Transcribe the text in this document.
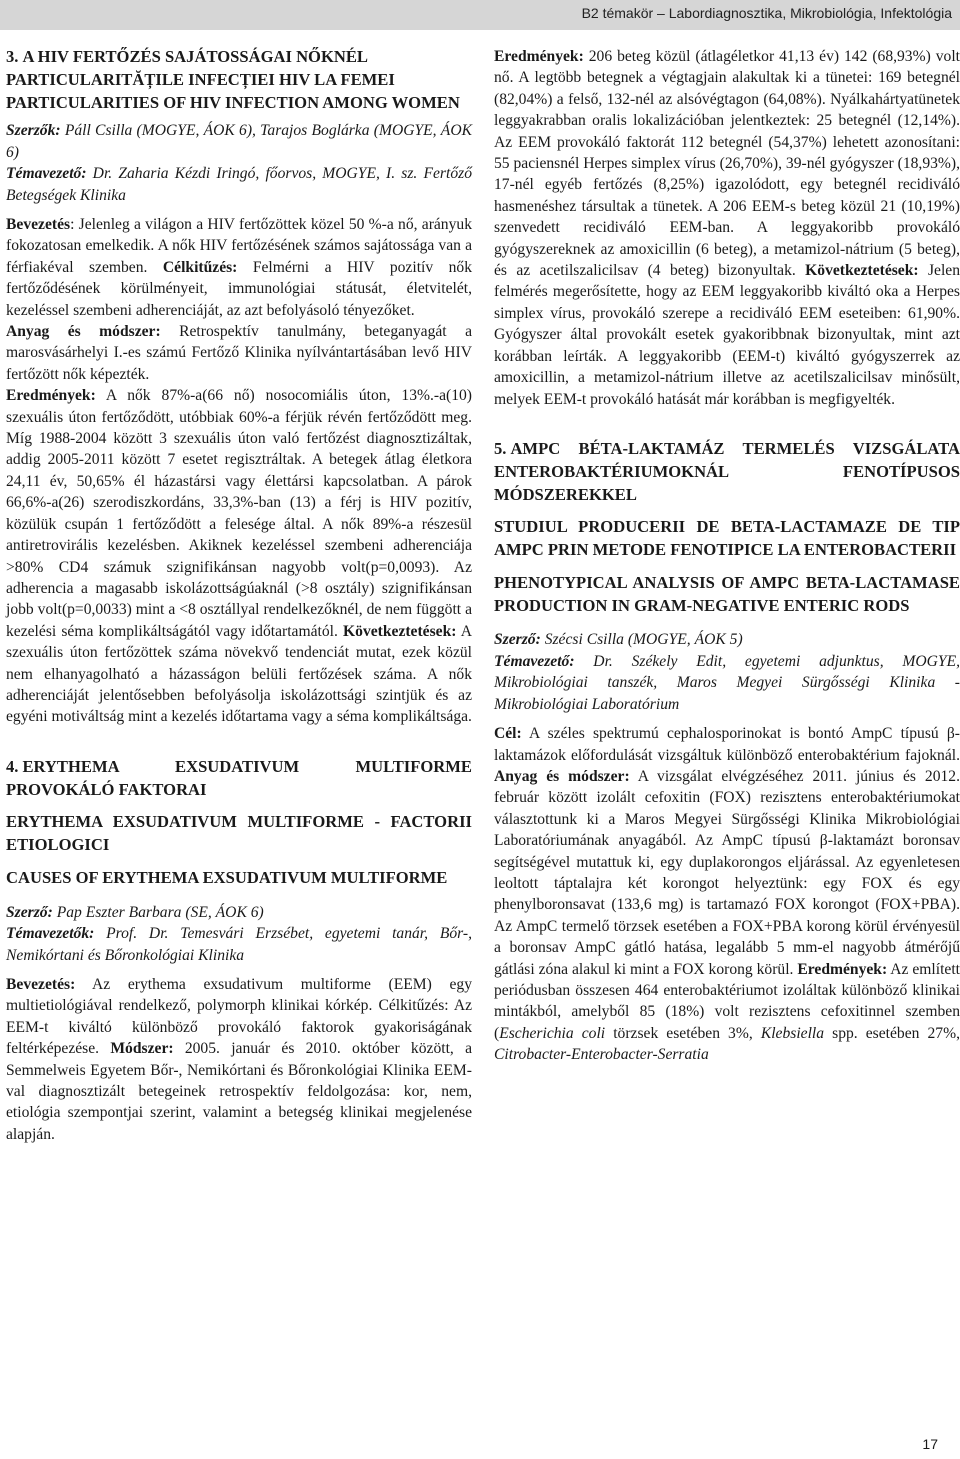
B2 témakör – Labordiagnosztika, Mikrobiológia, Infektológia

3. A HIV FERTŐZÉS SAJÁTOSSÁGAI NŐKNÉL

PARTICULARITĂȚILE INFECȚIEI HIV LA FEMEI

PARTICULARITIES OF HIV INFECTION AMONG WOMEN

Szerzők: Páll Csilla (MOGYE, ÁOK 6), Tarajos Boglárka (MOGYE, ÁOK 6)

Témavezető: Dr. Zaharia Kézdi Iringó, főorvos, MOGYE, I. sz. Fertőző Betegségek Klinika

Bevezetés: Jelenleg a világon a HIV fertőzöttek közel 50 %-a nő, arányuk fokozatosan emelkedik. A nők HIV fertőzésének számos sajátossága van a férfiakéval szemben. Célkitűzés: Felmérni a HIV pozitív nők fertőződésének körülményeit, immunológiai státusát, életvitelét, kezeléssel szembeni adherenciáját, az azt befolyásoló tényezőket.

Anyag és módszer: Retrospektív tanulmány, beteganyagát a marosvásárhelyi I.-es számú Fertőző Klinika nyílvántartásában levő HIV fertőzött nők képezték.

Eredmények: A nők 87%-a(66 nő) nosocomiális úton, 13%.-a(10) szexuális úton fertőződött, utóbbiak 60%-a férjük révén fertőződött meg. Míg 1988-2004 között 3 szexuális úton való fertőzést diagnosztizáltak, addig 2005-2011 között 7 esetet regisztráltak. A betegek átlag életkora 24,11 év, 50,65% él házastársi vagy élettársi kapcsolatban. A párok 66,6%-a(26) szerodiszkordáns, 33,3%-ban (13) a férj is HIV pozitív, közülük csupán 1 fertőződött a felesége által. A nők 89%-a részesül antiretrovirális kezelésben. Akiknek kezeléssel szembeni adherenciája >80% CD4 számuk szignifikánsan nagyobb volt(p=0,0093). Az adherencia a magasabb iskolázottságúaknál (>8 osztály) szignifikánsan jobb volt(p=0,0033) mint a <8 osztállyal rendelkezőknél, de nem függött a kezelési séma komplikáltságától vagy időtartamától. Következtetések: A szexuális úton fertőzöttek száma növekvő tendenciát mutat, ezek közül nem elhanyagolható a házasságon belüli fertőzések száma. A nők adherenciáját jelentősebben befolyásolja iskolázottsági szintjük és az egyéni motiváltság mint a kezelés időtartama vagy a séma komplikáltsága.

4. ERYTHEMA EXSUDATIVUM MULTIFORME PROVOKÁLÓ FAKTORAI

ERYTHEMA EXSUDATIVUM MULTIFORME - FACTORII ETIOLOGICI

CAUSES OF ERYTHEMA EXSUDATIVUM MULTIFORME

Szerző: Pap Eszter Barbara (SE, ÁOK 6)

Témavezetők: Prof. Dr. Temesvári Erzsébet, egyetemi tanár, Bőr-, Nemikórtani és Bőronkológiai Klinika

Bevezetés: Az erythema exsudativum multiforme (EEM) egy multietiológiával rendelkező, polymorph klinikai kórkép. Célkitűzés: Az EEM-t kiváltó különböző provokáló faktorok gyakoriságának feltérképezése. Módszer: 2005. január és 2010. október között, a Semmelweis Egyetem Bőr-, Nemikórtani és Bőronkológiai Klinika EEM-val diagnosztizált betegeinek retrospektív feldolgozása: kor, nem, etiológia szempontjai szerint, valamint a betegség klinikai megjelenése alapján.

Eredmények: 206 beteg közül (átlagéletkor 41,13 év) 142 (68,93%) volt nő. A legtöbb betegnek a végtagjain alakultak ki a tünetei: 169 betegnél (82,04%) a felső, 132-nél az alsóvégtagon (64,08%). Nyálkahártyatünetek leggyakrabban oralis lokalizációban jelentkeztek: 25 betegnél (12,14%). Az EEM provokáló faktorát 112 betegnél (54,37%) lehetett azonosítani: 55 paciensnél Herpes simplex vírus (26,70%), 39-nél gyógyszer (18,93%), 17-nél egyéb fertőzés (8,25%) igazolódott, egy betegnél recidiváló hasmenéshez társultak a tünetek. A 206 EEM-s beteg közül 21 (10,19%) szenvedett recidiváló EEM-ban. A leggyakoribb provokáló gyógyszereknek az amoxicillin (6 beteg), a metamizol-nátrium (5 beteg), és az acetilszalicilsav (4 beteg) bizonyultak. Következtetések: Jelen felmérés megerősítette, hogy az EEM leggyakoribb kiváltó oka a Herpes simplex vírus, provokáló szerepe a recidiváló EEM eseteiben: 61,90%. Gyógyszer által provokált esetek gyakoribbnak bizonyultak, mint azt korábban leírták. A leggyakoribb (EEM-t) kiváltó gyógyszerrek az amoxicillin, a metamizol-nátrium illetve az acetilszalicilsav minősült, melyek EEM-t provokáló hatását már korábban is megfigyelték.

5. AMPC BÉTA-LAKTAMÁZ TERMELÉS VIZSGÁLATA ENTEROBAKTÉRIUMOKNÁL FENOTÍPUSOS MÓDSZEREKKEL

STUDIUL PRODUCERII DE BETA-LACTAMAZE DE TIP AMPC PRIN METODE FENOTIPICE LA ENTEROBACTERII

PHENOTYPICAL ANALYSIS OF AMPC BETA-LACTAMASE PRODUCTION IN GRAM-NEGATIVE ENTERIC RODS

Szerző: Szécsi Csilla (MOGYE, ÁOK 5)

Témavezető: Dr. Székely Edit, egyetemi adjunktus, MOGYE, Mikrobiológiai tanszék, Maros Megyei Sürgősségi Klinika - Mikrobiológiai Laboratórium

Cél: A széles spektrumú cephalosporinokat is bontó AmpC típusú β-laktamázok előfordulását vizsgáltuk különböző enterobaktérium fajoknál. Anyag és módszer: A vizsgálat elvégzéséhez 2011. június és 2012. február között izolált cefoxitin (FOX) rezisztens enterobaktériumokat választottunk ki a Maros Megyei Sürgősségi Klinika Mikrobiológiai Laboratóriumának anyagából. Az AmpC típusú β-laktamázt boronsav segítségével mutattuk ki, egy duplakorongos eljárással. Az egyenletesen leoltott táptalajra két korongot helyeztünk: egy FOX és egy phenylboronsavat (133,6 mg) is tartamazó FOX korongot (FOX+PBA). Az AmpC termelő törzsek esetében a FOX+PBA korong körül érvényesül a boronsav AmpC gátló hatása, legalább 5 mm-el nagyobb átmérőjű gátlási zóna alakul ki mint a FOX korong körül. Eredmények: Az említett periódusban összesen 464 enterobaktériumot izoláltak különböző klinikai mintákból, amelyből 85 (18%) volt rezisztens cefoxitinnel szemben (Escherichia coli törzsek esetében 3%, Klebsiella spp. esetében 27%, Citrobacter-Enterobacter-Serratia

17
